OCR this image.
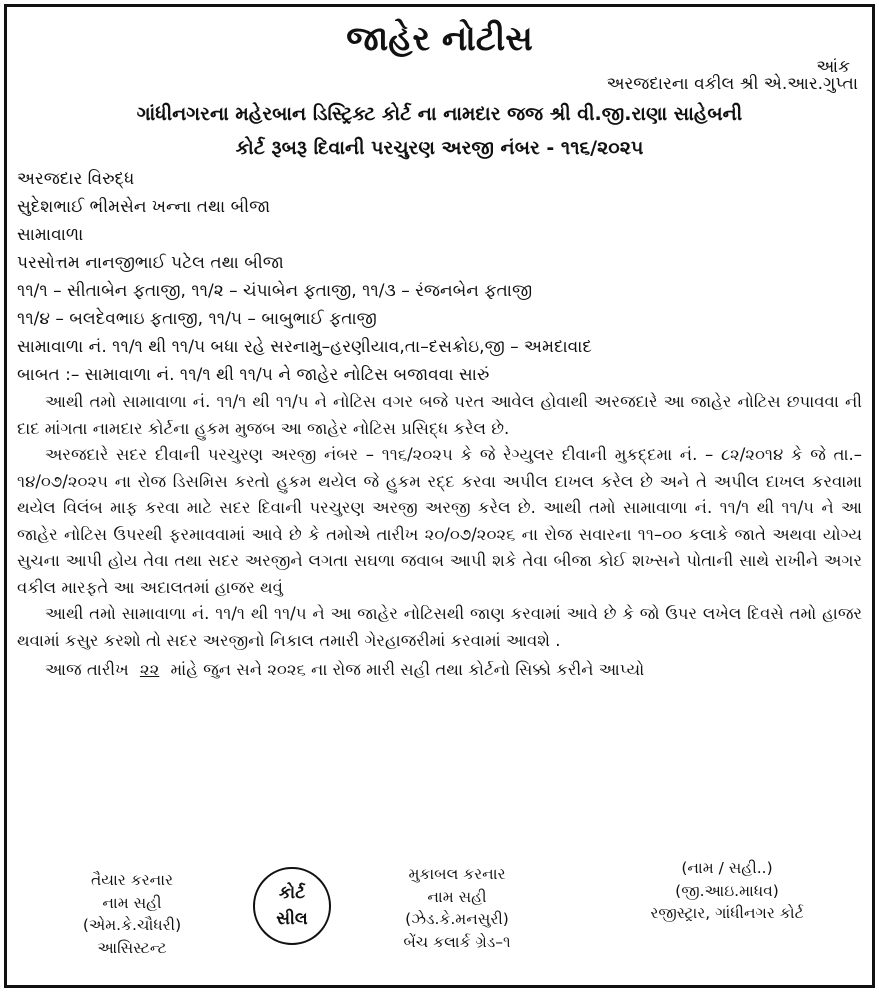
જાહેર નોટીસ
આંક
અરજદારના વકીલ શ્રી એ.આર.ગુપ્તા
ગાંધીનગરના મહેરબાન ડિસ્ટ્રિક્ટ કોર્ટ ના નામદાર જજ શ્રી વી.જી.રાણા સાહેબની
કોર્ટ રૂબરૂ દિવાની પરચુરણ અરજી નંબર - ૧૧૬/૨૦૨૫
અરજદાર વિરુદ્ધ
સુદેશભાઈ ભીમસેન ખન્ના તથા બીજા
સામાવાળા
પરસોત્તમ નાનજીભાઈ પટેલ તથા બીજા
૧૧/૧ – સીતાબેન ફતાજી, ૧૧/૨ – ચંપાબેન ફતાજી, ૧૧/૩ – રંજનબેન ફતાજી
૧૧/૪ – બલદેવભાઇ ફતાજી, ૧૧/૫ – બાબુભાઈ ફતાજી
સામાવાળા નં. ૧૧/૧ થી ૧૧/૫ બધા રહે સરનામુ–હરણીયાવ,તા–દસક્રોઇ,જી – અમદાવાદ
બાબત :– સામાવાળા નં. ૧૧/૧ થી ૧૧/૫ ને જાહેર નોટિસ બજાવવા સારું

આથી તમો સામાવાળા નં. ૧૧/૧ થી ૧૧/૫ ને નોટિસ વગર બજે પરત આવેલ હોવાથી અરજદારે આ જાહેર નોટિસ છપાવવા ની દાદ માંગતા નામદાર કોર્ટના હુકમ મુજબ આ જાહેર નોટિસ પ્રસિદ્ધ કરેલ છે.

અરજદારે સદર દીવાની પરચુરણ અરજી નંબર – ૧૧૬/૨૦૨૫ કે જે રેગ્યુલર દીવાની મુકદ્દમા નં. – ૮૨/૨૦૧૪ કે જે તા.– ૧૪/૦૭/૨૦૨૫ ના રોજ ડિસમિસ કરતો હુકમ થયેલ જે હુકમ રદ્દ કરવા અપીલ દાખલ કરેલ છે અને તે અપીલ દાખલ કરવામા થયેલ વિલંબ માફ કરવા માટે સદર દિવાની પરચુરણ અરજી અરજી કરેલ છે. આથી તમો સામાવાળા નં. ૧૧/૧ થી ૧૧/૫ ને આ જાહેર નોટિસ ઉપરથી ફરમાવવામાં આવે છે કે તમોએ તારીખ ૨૦/૦૭/૨૦૨૬ ના રોજ સવારના ૧૧–૦૦ કલાકે જાતે અથવા યોગ્ય સુચના આપી હોય તેવા તથા સદર અરજીને લગતા સઘળા જવાબ આપી શકે તેવા બીજા કોઈ શખ્સને પોતાની સાથે રાખીને અગર વકીલ મારફતે આ અદાલતમાં હાજર થવું

આથી તમો સામાવાળા નં. ૧૧/૧ થી ૧૧/૫ ને આ જાહેર નોટિસથી જાણ કરવામાં આવે છે કે જો ઉપર લખેલ દિવસે તમો હાજર થવામાં કસુર કરશો તો સદર અરજીનો નિકાલ તમારી ગેરહાજરીમાં કરવામાં આવશે .

આજ તારીખ ૨૨ માંહે જુન સને ૨૦૨૬ ના રોજ મારી સહી તથા કોર્ટનો સિક્કો કરીને આપ્યો
તૈયાર કરનાર
નામ સહી
(એમ.કે.ચૌધરી)
આસિસ્ટન્ટ
કોર્ટ
સીલ
મુકાબલ કરનાર
નામ સહી
(ઝેડ.કે.મનસુરી)
બેંચ કલાર્ક ગ્રેડ–૧
(નામ / સહી..)
(જી.આઇ.માધવ)
રજીસ્ટ્રાર, ગાંધીનગર કોર્ટ
